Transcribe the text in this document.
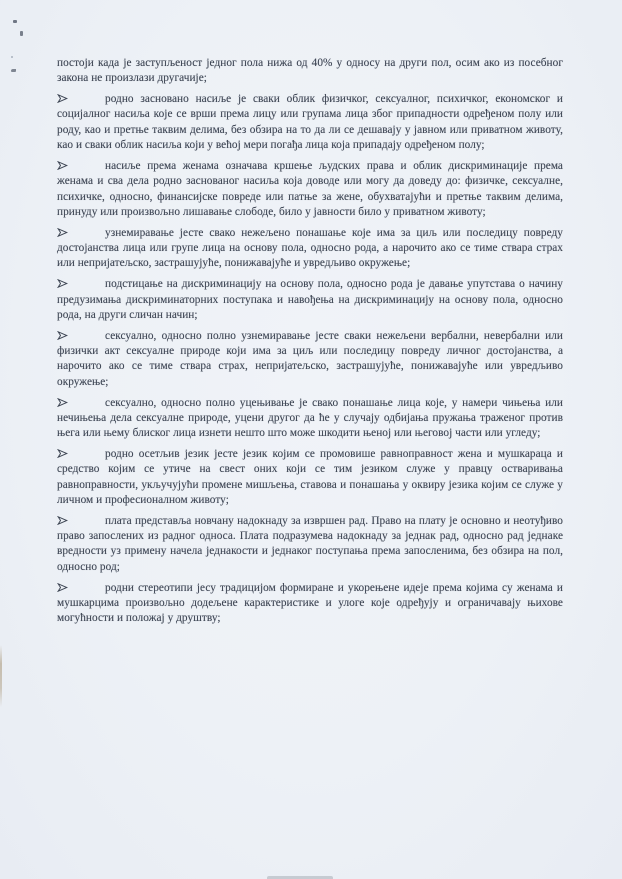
постоји када је заступљеност једног пола нижа од 40% у односу на други пол, осим ако из посебног закона не произлази другачије;

родно засновано насиље је сваки облик физичког, сексуалног, психичког, економског и социјалног насиља које се врши према лицу или групама лица због припадности одређеном полу или роду, као и претње таквим делима, без обзира на то да ли се дешавају у јавном или приватном животу, као и сваки облик насиља који у већој мери погађа лица која припадају одређеном полу;

насиље према женама означава кршење људских права и облик дискриминације према женама и сва дела родно заснованог насиља која доводе или могу да доведу до: физичке, сексуалне, психичке, односно, финансијске повреде или патње за жене, обухватајући и претње таквим делима, принуду или произвољно лишавање слободе, било у јавности било у приватном животу;

узнемиравање јесте свако нежељено понашање које има за циљ или последицу повреду достојанства лица или групе лица на основу пола, односно рода, а нарочито ако се тиме ствара страх или непријатељско, застрашујуће, понижавајуће и увредљиво окружење;

подстицање на дискриминацију на основу пола, односно рода је давање упутстава о начину предузимања дискриминаторних поступака и навођења на дискриминацију на основу пола, односно рода, на други сличан начин;

сексуално, односно полно узнемиравање јесте сваки нежељени вербални, невербални или физички акт сексуалне природе који има за циљ или последицу повреду личног достојанства, а нарочито ако се тиме ствара страх, непријатељско, застрашујуће, понижавајуће или увредљиво окружење;

сексуално, односно полно уцењивање је свако понашање лица које, у намери чињења или нечињења дела сексуалне природе, уцени другог да ће у случају одбијања пружања траженог против њега или њему блиског лица изнети нешто што може шкодити њеној или његовој части или угледу;

родно осетљив језик јесте језик којим се промовише равноправност жена и мушкараца и средство којим се утиче на свест оних који се тим језиком служе у правцу остваривања равноправности, укључујући промене мишљења, ставова и понашања у оквиру језика којим се служе у личном и професионалном животу;

плата представља новчану надокнаду за извршен рад. Право на плату је основно и неотуђиво право запослених из радног односа. Плата подразумева надокнаду за једнак рад, односно рад једнаке вредности уз примену начела једнакости и једнаког поступања према запосленима, без обзира на пол, односно род;

родни стереотипи јесу традицијом формиране и укорењене идеје према којима су женама и мушкарцима произвољно додељене карактеристике и улоге које одређују и ограничавају њихове могућности и положај у друштву;
